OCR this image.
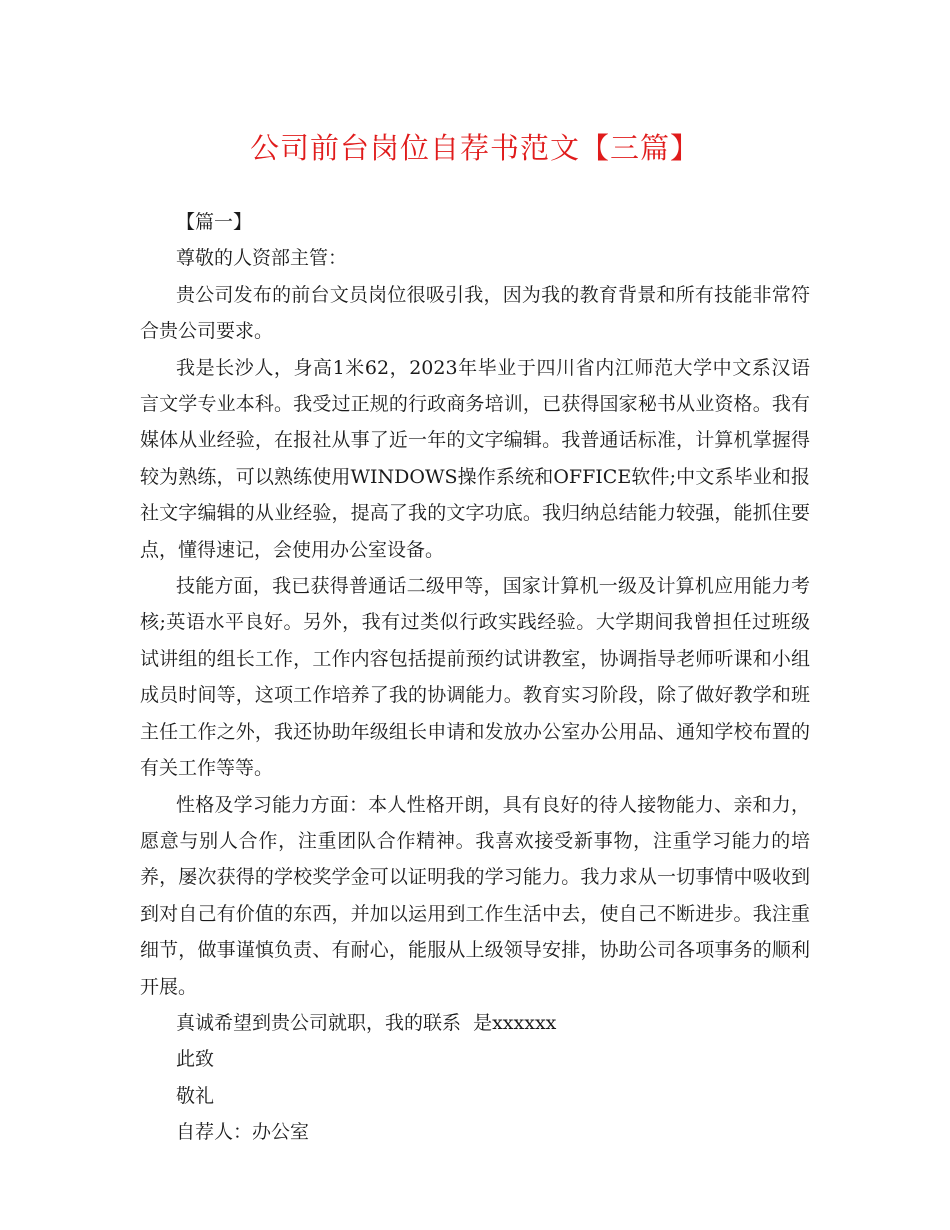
公司前台岗位自荐书范文【三篇】

【篇一】

尊敬的人资部主管：

贵公司发布的前台文员岗位很吸引我，因为我的教育背景和所有技能非常符合贵公司要求。

我是长沙人，身高1米62，2023年毕业于四川省内江师范大学中文系汉语言文学专业本科。我受过正规的行政商务培训，已获得国家秘书从业资格。我有媒体从业经验，在报社从事了近一年的文字编辑。我普通话标准，计算机掌握得较为熟练，可以熟练使用WINDOWS操作系统和OFFICE软件;中文系毕业和报社文字编辑的从业经验，提高了我的文字功底。我归纳总结能力较强，能抓住要点，懂得速记，会使用办公室设备。

技能方面，我已获得普通话二级甲等，国家计算机一级及计算机应用能力考核;英语水平良好。另外，我有过类似行政实践经验。大学期间我曾担任过班级试讲组的组长工作，工作内容包括提前预约试讲教室，协调指导老师听课和小组成员时间等，这项工作培养了我的协调能力。教育实习阶段，除了做好教学和班主任工作之外，我还协助年级组长申请和发放办公室办公用品、通知学校布置的有关工作等等。

性格及学习能力方面：本人性格开朗，具有良好的待人接物能力、亲和力，愿意与别人合作，注重团队合作精神。我喜欢接受新事物，注重学习能力的培养，屡次获得的学校奖学金可以证明我的学习能力。我力求从一切事情中吸收到到对自己有价值的东西，并加以运用到工作生活中去，使自己不断进步。我注重细节，做事谨慎负责、有耐心，能服从上级领导安排，协助公司各项事务的顺利开展。

真诚希望到贵公司就职，我的联系  是xxxxxx

此致

敬礼

自荐人：办公室
